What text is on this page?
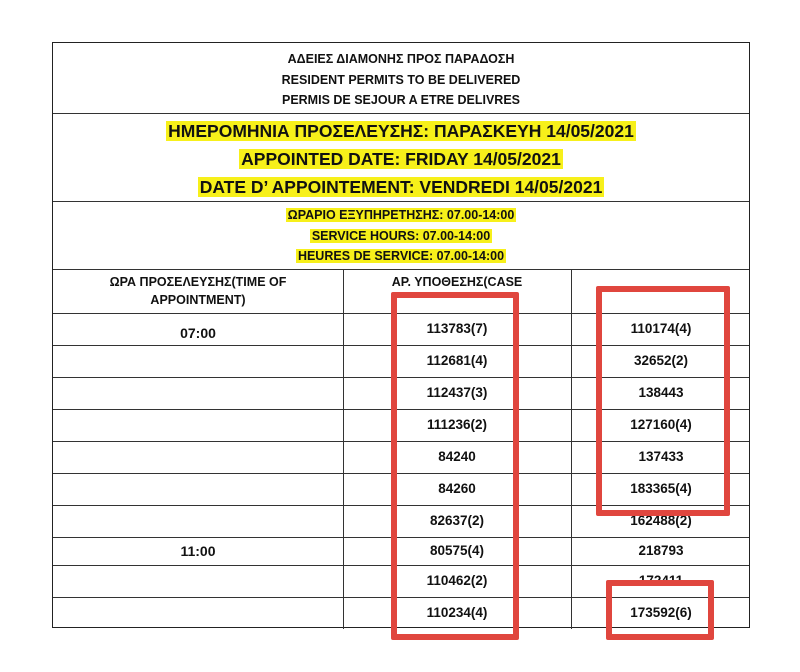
ΑΔΕΙΕΣ ΔΙΑΜΟΝΗΣ ΠΡΟΣ ΠΑΡΑΔΟΣΗ
RESIDENT PERMITS TO BE DELIVERED
PERMIS DE SEJOUR A ETRE DELIVRES
ΗΜΕΡΟΜΗΝΙΑ ΠΡΟΣΕΛΕΥΣΗΣ: ΠΑΡΑΣΚΕΥΗ 14/05/2021
APPOINTED DATE: FRIDAY 14/05/2021
DATE D’ APPOINTEMENT: VENDREDI 14/05/2021
ΩΡΑΡΙΟ ΕΞΥΠΗΡΕΤΗΣΗΣ: 07.00-14:00
SERVICE HOURS: 07.00-14:00
HEURES DE SERVICE: 07.00-14:00
ΩΡΑ ΠΡΟΣΕΛΕΥΣΗΣ(TIME OF
APPOINTMENT)
ΑΡ. ΥΠΟΘΕΣΗΣ(CASE
07:00
11:00
113783(7)
112681(4)
112437(3)
111236(2)
84240
84260
82637(2)
80575(4)
110462(2)
110234(4)
110174(4)
32652(2)
138443
127160(4)
137433
183365(4)
162488(2)
218793
172411
173592(6)
